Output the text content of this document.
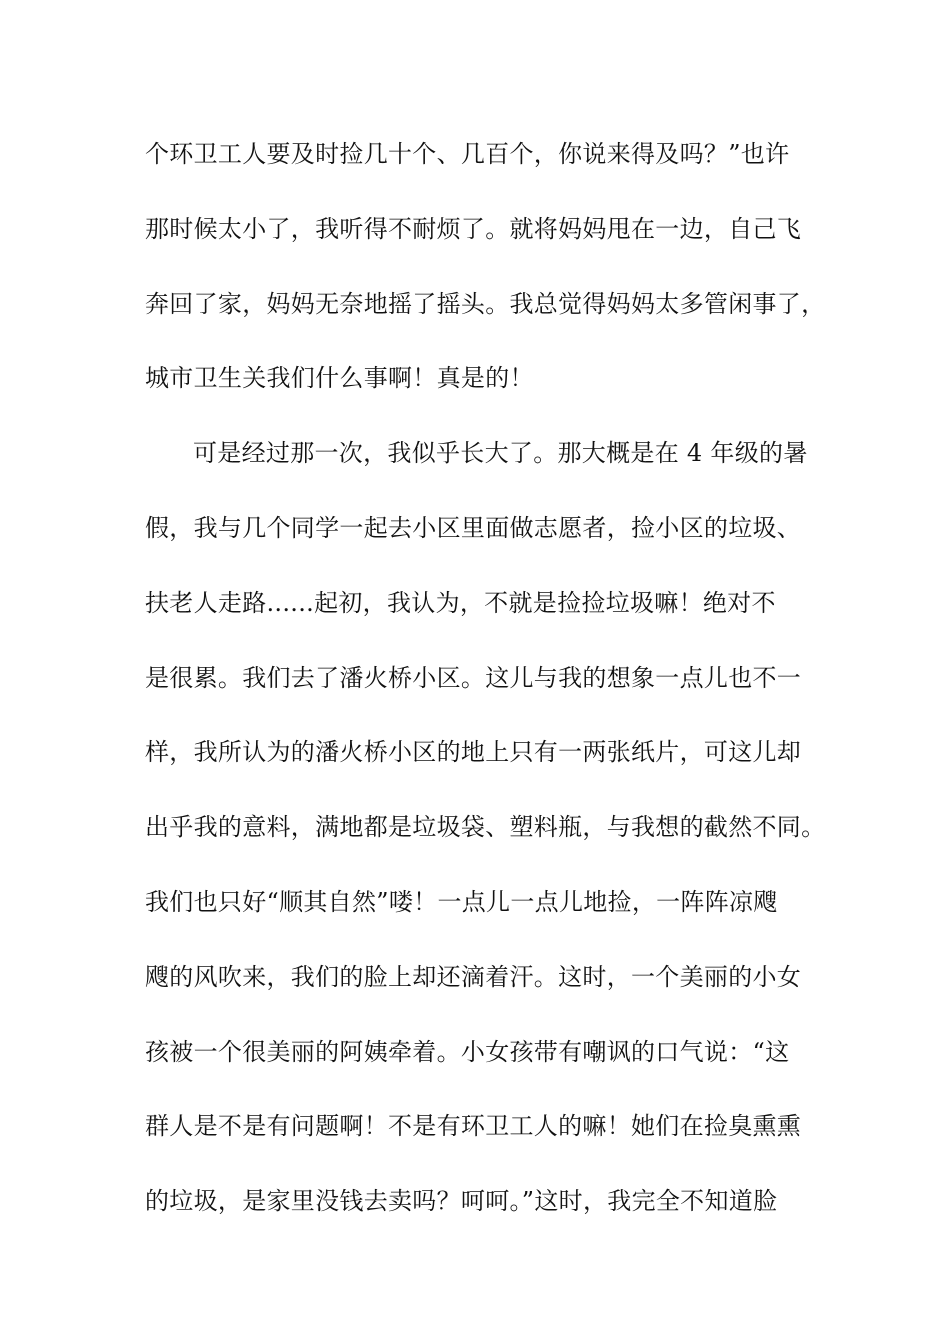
个环卫工人要及时捡几十个、几百个，你说来得及吗？”也许
那时候太小了，我听得不耐烦了。就将妈妈甩在一边，自己飞
奔回了家，妈妈无奈地摇了摇头。我总觉得妈妈太多管闲事了，
城市卫生关我们什么事啊！真是的！
可是经过那一次，我似乎长大了。那大概是在 4 年级的暑
假，我与几个同学一起去小区里面做志愿者，捡小区的垃圾、
扶老人走路......起初，我认为，不就是捡捡垃圾嘛！绝对不
是很累。我们去了潘火桥小区。这儿与我的想象一点儿也不一
样，我所认为的潘火桥小区的地上只有一两张纸片，可这儿却
出乎我的意料，满地都是垃圾袋、塑料瓶，与我想的截然不同。
我们也只好“顺其自然”喽！一点儿一点儿地捡，一阵阵凉飕
飕的风吹来，我们的脸上却还滴着汗。这时，一个美丽的小女
孩被一个很美丽的阿姨牵着。小女孩带有嘲讽的口气说：“这
群人是不是有问题啊！不是有环卫工人的嘛！她们在捡臭熏熏
的垃圾，是家里没钱去卖吗？呵呵。”这时，我完全不知道脸
